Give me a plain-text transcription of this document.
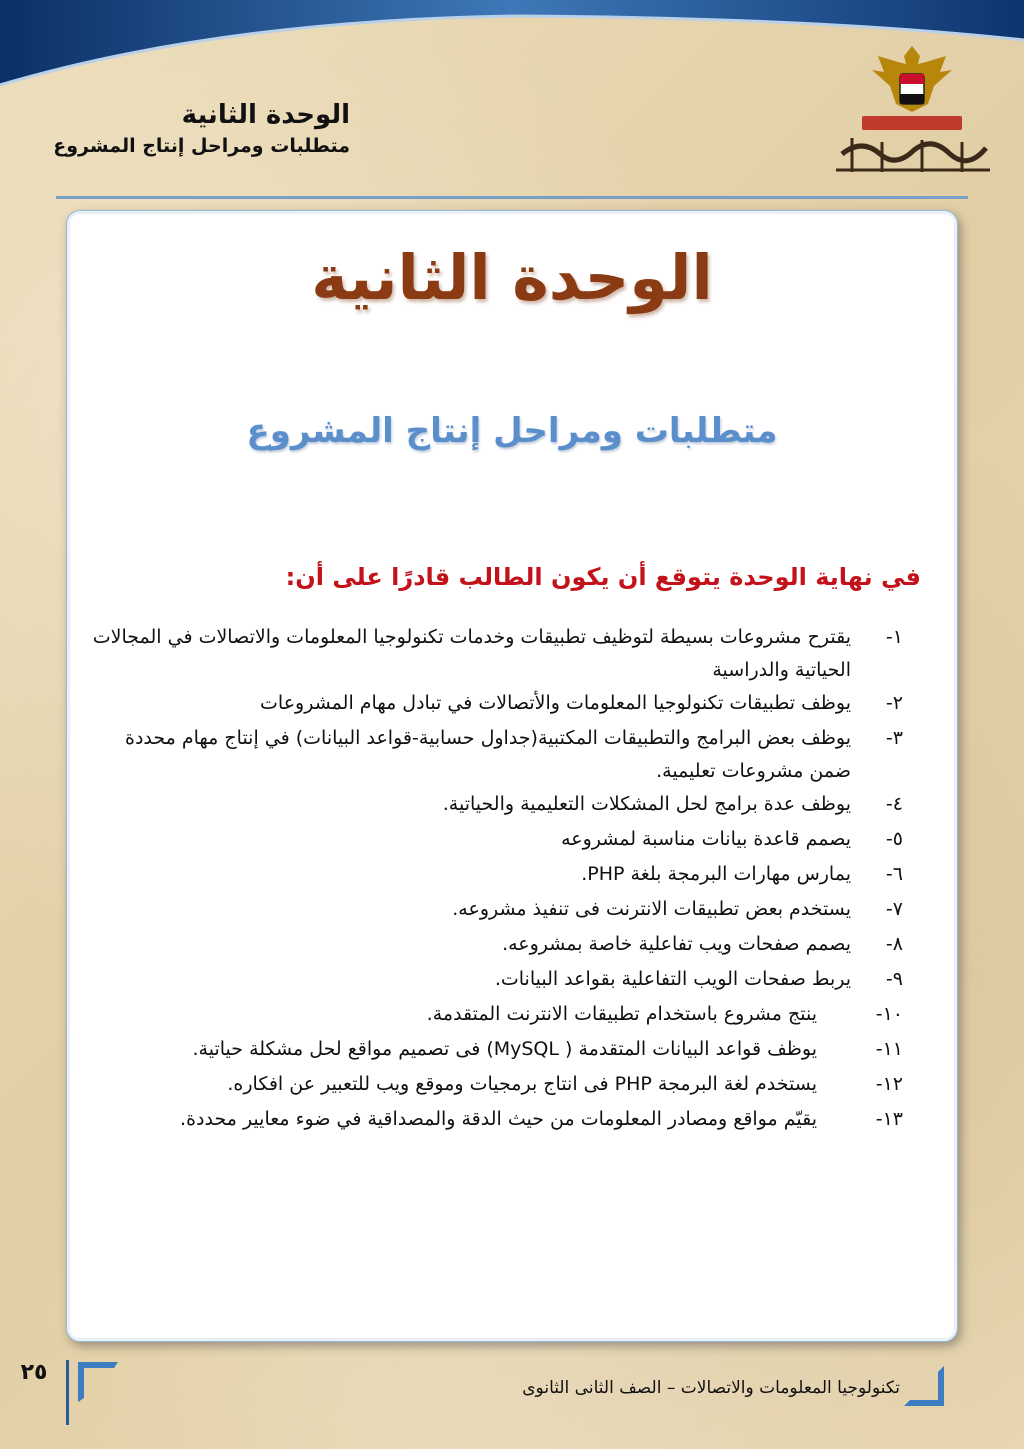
الوحدة الثانية
متطلبات ومراحل إنتاج المشروع
الوحدة الثانية
متطلبات ومراحل إنتاج المشروع
في نهاية الوحدة يتوقع أن يكون الطالب قادرًا على أن:
١-
يقترح مشروعات بسيطة لتوظيف تطبيقات وخدمات تكنولوجيا المعلومات والاتصالات في المجالات الحياتية والدراسية
٢-
يوظف تطبيقات تكنولوجيا المعلومات والأتصالات في تبادل مهام المشروعات
٣-
يوظف بعض البرامج والتطبيقات المكتبية(جداول حسابية-قواعد البيانات) في إنتاج مهام محددة ضمن مشروعات تعليمية.
٤-
يوظف عدة برامج لحل المشكلات التعليمية والحياتية.
٥-
يصمم قاعدة بيانات مناسبة لمشروعه
٦-
يمارس مهارات البرمجة بلغة PHP.
٧-
يستخدم بعض تطبيقات الانترنت فى تنفيذ مشروعه.
٨-
يصمم صفحات ويب تفاعلية خاصة بمشروعه.
٩-
يربط صفحات الويب التفاعلية بقواعد البيانات.
١٠-
ينتج مشروع باستخدام تطبيقات الانترنت المتقدمة.
١١-
يوظف قواعد البيانات المتقدمة ( MySQL) فى تصميم مواقع لحل مشكلة حياتية.
١٢-
يستخدم لغة البرمجة PHP فى انتاج برمجيات وموقع ويب للتعبير عن افكاره.
١٣-
يقيّم مواقع ومصادر المعلومات من حيث الدقة والمصداقية في ضوء معايير محددة.
٢٥
تكنولوجيا المعلومات والاتصالات – الصف الثانى الثانوى
